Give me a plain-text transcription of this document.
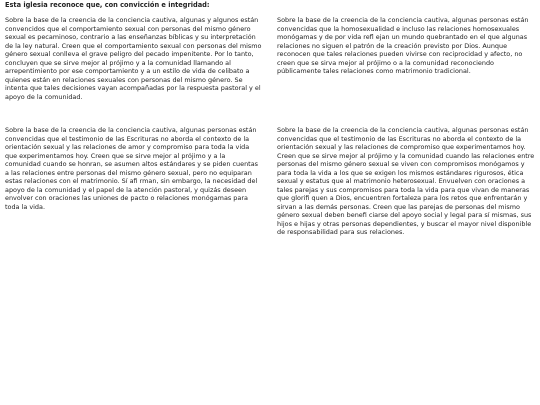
Esta iglesia reconoce que, con convicción e integridad:

Sobre la base de la creencia de la conciencia cautiva, algunas y algunos están convencidos que el comportamiento sexual con personas del mismo género sexual es pecaminoso, contrario a las enseñanzas bíblicas y su interpretación de la ley natural. Creen que el comportamiento sexual con personas del mismo género sexual conlleva el grave peligro del pecado impenitente. Por lo tanto, concluyen que se sirve mejor al prójimo y a la comunidad llamando al arrepentimiento por ese comportamiento y a un estilo de vida de celibato a quienes están en relaciones sexuales con personas del mismo género. Se intenta que tales decisiones vayan acompañadas por la respuesta pastoral y el apoyo de la comunidad.

Sobre la base de la creencia de la conciencia cautiva, algunas personas están convencidas que la homosexualidad e incluso las relaciones homosexuales monógamas y de por vida refl ejan un mundo quebrantado en el que algunas relaciones no siguen el patrón de la creación previsto por Dios. Aunque reconocen que tales relaciones pueden vivirse con reciprocidad y afecto, no creen que se sirva mejor al prójimo o a la comunidad reconociendo públicamente tales relaciones como matrimonio tradicional.

Sobre la base de la creencia de la conciencia cautiva, algunas personas están convencidas que el testimonio de las Escrituras no aborda el contexto de la orientación sexual y las relaciones de amor y compromiso para toda la vida que experimentamos hoy. Creen que se sirve mejor al prójimo y a la comunidad cuando se honran, se asumen altos estándares y se piden cuentas a las relaciones entre personas del mismo género sexual, pero no equiparan estas relaciones con el matrimonio. Sí afi rman, sin embargo, la necesidad del apoyo de la comunidad y el papel de la atención pastoral, y quizás deseen envolver con oraciones las uniones de pacto o relaciones monógamas para toda la vida.

Sobre la base de la creencia de la conciencia cautiva, algunas personas están convencidas que el testimonio de las Escrituras no aborda el contexto de la orientación sexual y las relaciones de compromiso que experimentamos hoy. Creen que se sirve mejor al prójimo y la comunidad cuando las relaciones entre personas del mismo género sexual se viven con compromisos monógamos y para toda la vida a los que se exigen los mismos estándares rigurosos, ética sexual y estatus que al matrimonio heterosexual. Envuelven con oraciones a tales parejas y sus compromisos para toda la vida para que vivan de maneras que glorifi quen a Dios, encuentren fortaleza para los retos que enfrentarán y sirvan a las demás personas. Creen que las parejas de personas del mismo género sexual deben benefi ciarse del apoyo social y legal para sí mismas, sus hijos e hijas y otras personas dependientes, y buscar el mayor nivel disponible de responsabilidad para sus relaciones.
